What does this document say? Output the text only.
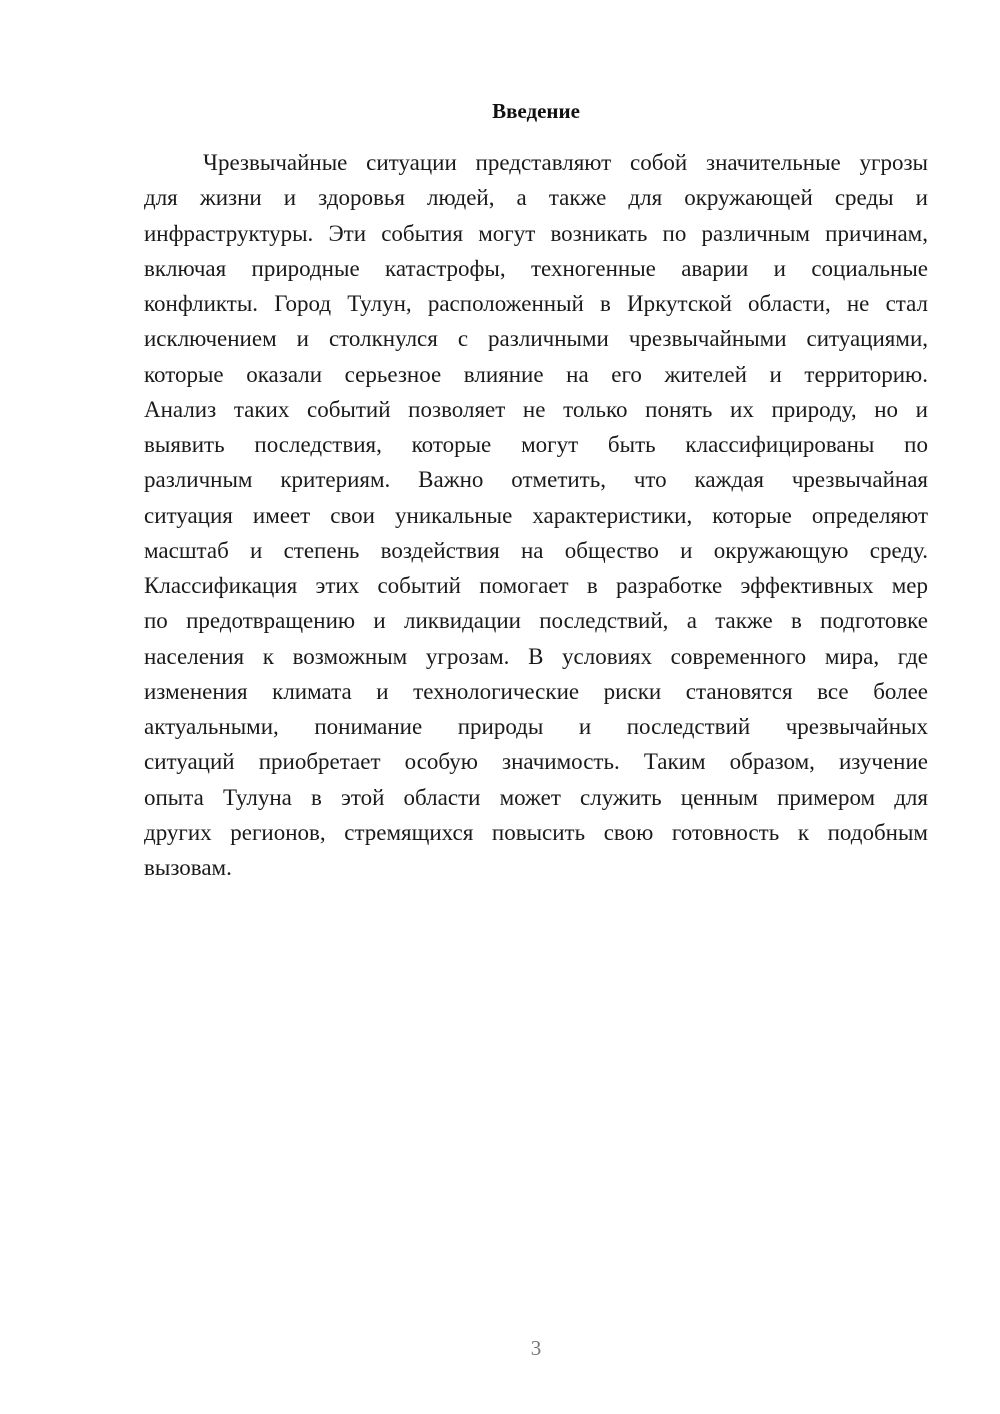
Введение
Чрезвычайные ситуации представляют собой значительные угрозы
для жизни и здоровья людей, а также для окружающей среды и
инфраструктуры. Эти события могут возникать по различным причинам,
включая природные катастрофы, техногенные аварии и социальные
конфликты. Город Тулун, расположенный в Иркутской области, не стал
исключением и столкнулся с различными чрезвычайными ситуациями,
которые оказали серьезное влияние на его жителей и территорию.
Анализ таких событий позволяет не только понять их природу, но и
выявить последствия, которые могут быть классифицированы по
различным критериям. Важно отметить, что каждая чрезвычайная
ситуация имеет свои уникальные характеристики, которые определяют
масштаб и степень воздействия на общество и окружающую среду.
Классификация этих событий помогает в разработке эффективных мер
по предотвращению и ликвидации последствий, а также в подготовке
населения к возможным угрозам. В условиях современного мира, где
изменения климата и технологические риски становятся все более
актуальными, понимание природы и последствий чрезвычайных
ситуаций приобретает особую значимость. Таким образом, изучение
опыта Тулуна в этой области может служить ценным примером для
других регионов, стремящихся повысить свою готовность к подобным
вызовам.
3
